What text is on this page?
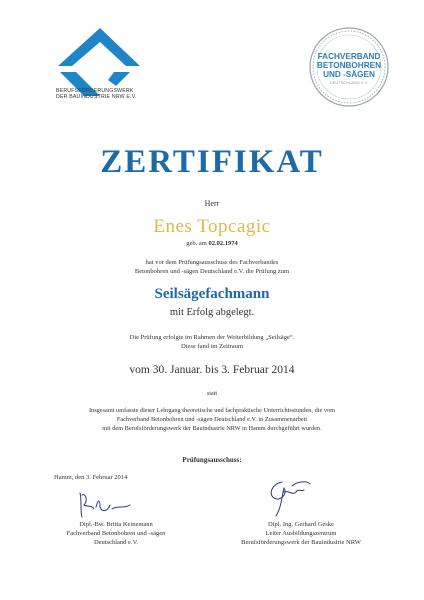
BERUFSFÖRDERUNGSWERK
DER BAUINDUSTRIE NRW E.V.
FACHVERBAND
BETONBOHREN
UND -SÄGEN
DEUTSCHLAND E.V.
ZERTIFIKAT
Herr
Enes Topcagic
geb. am 02.02.1974
hat vor dem Prüfungsausschuss des Fachverbandes
Betonbohren und -sägen Deutschland e.V. die Prüfung zum
Seilsägefachmann
mit Erfolg abgelegt.
Die Prüfung erfolgte im Rahmen der Weiterbildung „Seilsäge“.
Diese fand im Zeitraum
vom 30. Januar. bis 3. Februar 2014
statt
Insgesamt umfasste dieser Lehrgang theoretische und fachpraktische Unterrichtsstunden, die vom
Fachverband Betonbohren und -sägen Deutschland e.V. in Zusammenarbeit
mit dem Berufsförderungswerk der Bauindustrie NRW in Hamm durchgeführt wurden.
Prüfungsausschuss:
Hamm, den 3. Februar 2014
Dipl.-Bw. Britta Keinemann
Fachverband Betonbohren und -sägen
Deutschland e.V.
Dipl. Ing. Gerhard Geske
Leiter Ausbildungszentrum
Berufsförderungswerk der Bauindustrie NRW
